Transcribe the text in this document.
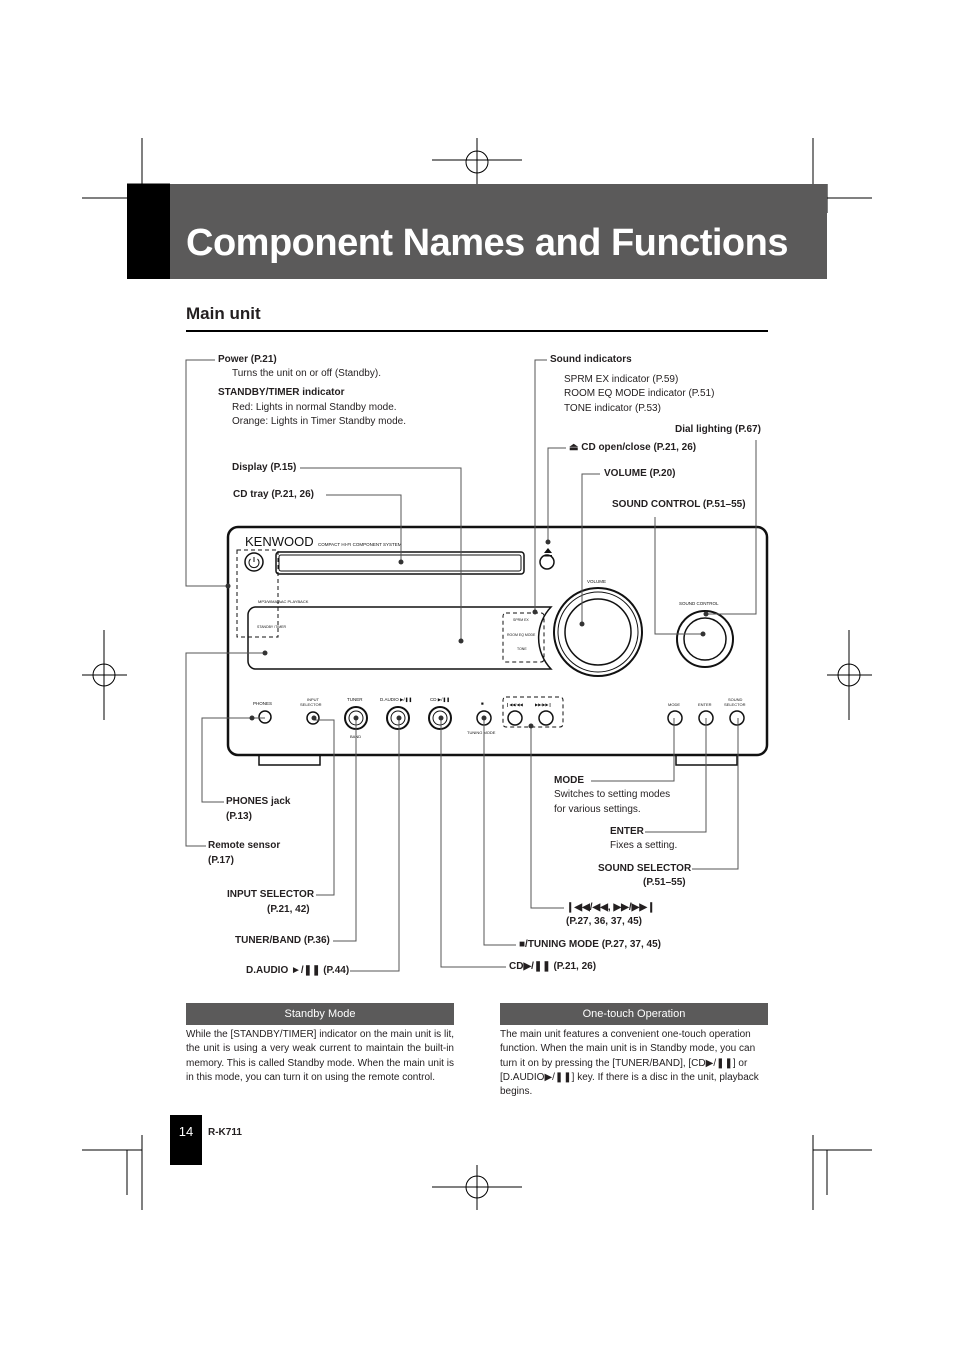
Component Names and Functions
Main unit
KENWOOD COMPACT HI-FI COMPONENT SYSTEM
MP3/WMA/AAC PLAYBACK
STANDBY /TIMER
SPRM EX
ROOM EQ MODE
TONE
VOLUME
SOUND CONTROL
PHONES
INPUT
SELECTOR
TUNER
BAND
D.AUDIO ▶/❚❚	CD ▶/❚❚
■
TUNING MODE
❙◀◀/◀◀	▶▶/▶▶❙	MODE	ENTER
SOUND
SELECTOR
Power (P.21)
Turns the unit on or off (Standby).
STANDBY/TIMER indicator
Red: Lights in normal Standby mode.
Orange: Lights in Timer Standby mode.
Display (P.15)
CD tray (P.21, 26)
Sound indicators
SPRM EX indicator (P.59)
ROOM EQ MODE indicator (P.51)
TONE indicator (P.53)
Dial lighting (P.67)
⏏ CD open/close (P.21, 26)
VOLUME (P.20)
SOUND CONTROL (P.51–55)
PHONES jack
(P.13)
Remote sensor
(P.17)
INPUT SELECTOR
(P.21, 42)
TUNER/BAND (P.36)
D.AUDIO ►/❚❚ (P.44)
MODE
Switches to setting modes
for various settings.
ENTER
Fixes a setting.
SOUND SELECTOR
(P.51–55)
❙◀◀/◀◀, ▶▶/▶▶❙
(P.27, 36, 37, 45)
■/TUNING MODE (P.27, 37, 45)
CD▶/❚❚ (P.21, 26)
Standby Mode
While the [STANDBY/TIMER] indicator on the main unit is lit, the unit is using a very weak current to maintain the built-in memory. This is called Standby mode. When the main unit is in this mode, you can turn it on using the remote control.
One-touch Operation
The main unit features a convenient one-touch operation function. When the main unit is in Standby mode, you can turn it on by pressing the [TUNER/BAND], [CD▶/❚❚] or [D.AUDIO▶/❚❚] key. If there is a disc in the unit, playback begins.
14	R-K711
